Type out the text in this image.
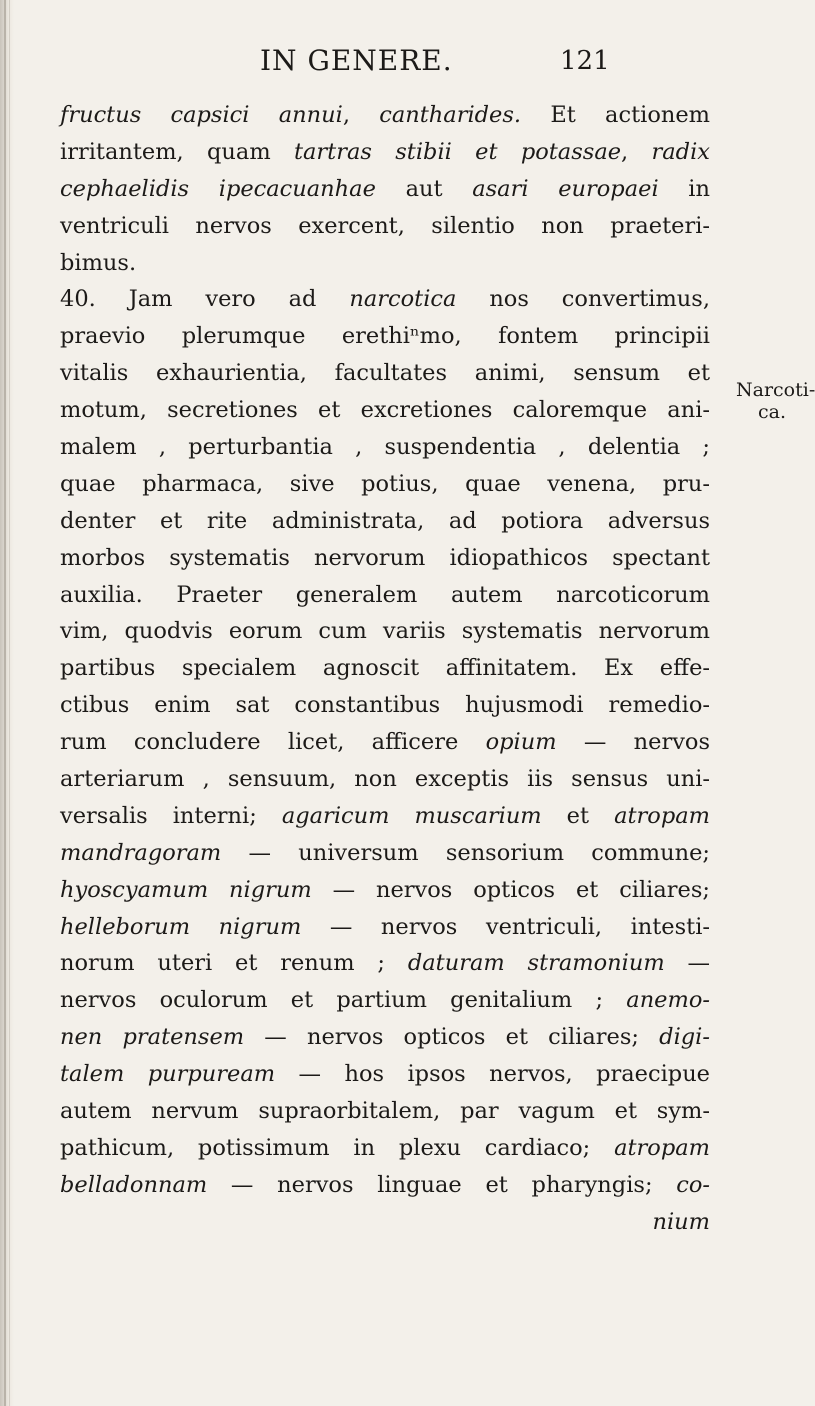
IN GENERE.	121
Narcoti-
ca.
fructus capsici annui, cantharides. Et actionem
irritantem, quam tartras stibii et potassae, radix
cephaelidis ipecacuanhae aut asari europaei in
ventriculi nervos exercent, silentio non praeteri-
bimus.
40. Jam vero ad narcotica nos convertimus,
praevio plerumque erethiⁿmo, fontem principii
vitalis exhaurientia, facultates animi, sensum et
motum, secretiones et excretiones caloremque ani-
malem , perturbantia , suspendentia , delentia ;
quae pharmaca, sive potius, quae venena, pru-
denter et rite administrata, ad potiora adversus
morbos systematis nervorum idiopathicos spectant
auxilia. Praeter generalem autem narcoticorum
vim, quodvis eorum cum variis systematis nervorum
partibus specialem agnoscit affinitatem. Ex effe-
ctibus enim sat constantibus hujusmodi remedio-
rum concludere licet, afficere opium — nervos
arteriarum , sensuum, non exceptis iis sensus uni-
versalis interni; agaricum muscarium et atropam
mandragoram — universum sensorium commune;
hyoscyamum nigrum — nervos opticos et ciliares;
helleborum nigrum — nervos ventriculi, intesti-
norum uteri et renum ; daturam stramonium —
nervos oculorum et partium genitalium ; anemo-
nen pratensem — nervos opticos et ciliares; digi-
talem purpuream — hos ipsos nervos, praecipue
autem nervum supraorbitalem, par vagum et sym-
pathicum, potissimum in plexu cardiaco; atropam
belladonnam — nervos linguae et pharyngis; co-
nium
